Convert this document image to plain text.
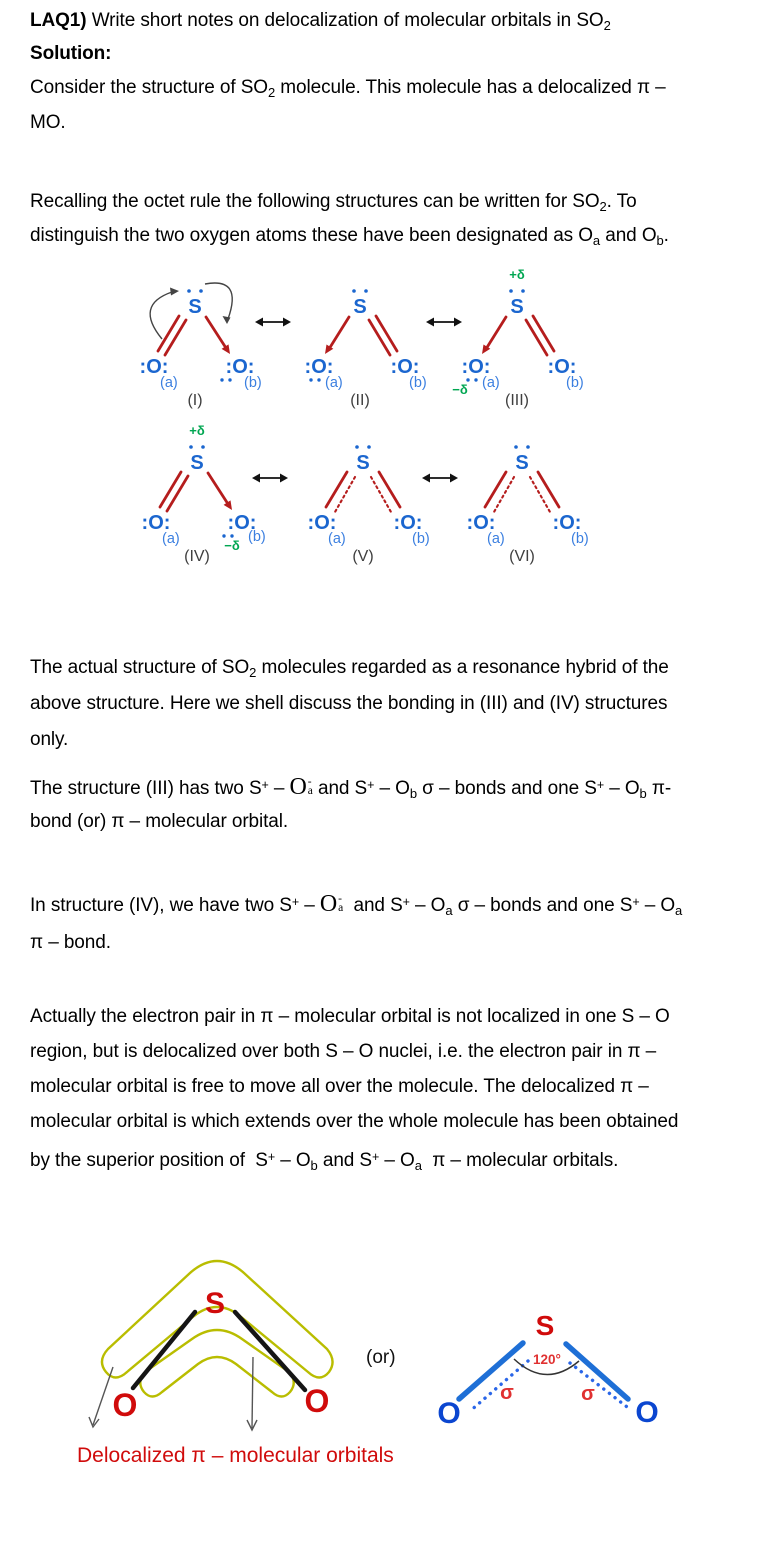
LAQ1) Write short notes on delocalization of molecular orbitals in $SO_2$
Solution:
Consider the structure of $SO_2$ molecule. This molecule has a delocalized π –
MO.
Recalling the octet rule the following structures can be written for $SO_2$. To
distinguish the two oxygen atoms these have been designated as $O_a$ and $O_b$.
The actual structure of $SO_2$ molecules regarded as a resonance hybrid of the
above structure. Here we shell discuss the bonding in (III) and (IV) structures
only.
The structure (III) has two S+ – O -
a and $S^+ - O_b$ σ – bonds and one $S^+ - O_b$ π-
bond (or) π – molecular orbital.
In structure (IV), we have two S+ – O -
a and $S^+ - O_a$ σ – bonds and one $S^+ - O_a$
π – bond.
Actually the electron pair in π – molecular orbital is not localized in one S – O
region, but is delocalized over both S – O nuclei, i.e. the electron pair in π –
molecular orbital is free to move all over the molecule. The delocalized π –
molecular orbital is which extends over the whole molecule has been obtained
by the superior position of  $S^+ - O_b$ and $S^+ - O_a$  π – molecular orbitals.
S
:O:	:O:
(a)	(b)
(I)
S
:O:	:O:
(a)	(b)
(II)
+δ
S
:O:	:O:
−δ (a)	(b)
(III)
+δ
S
:O:	:O:
−δ
(a)	(b)
(IV)
S
:O:	:O:
(a)	(b)
(V)
S
:O:	:O:
(a)	(b)
(VI)
S
O	O
(or)
S
120°
σ	σ
O	O
Delocalized π – molecular orbitals
